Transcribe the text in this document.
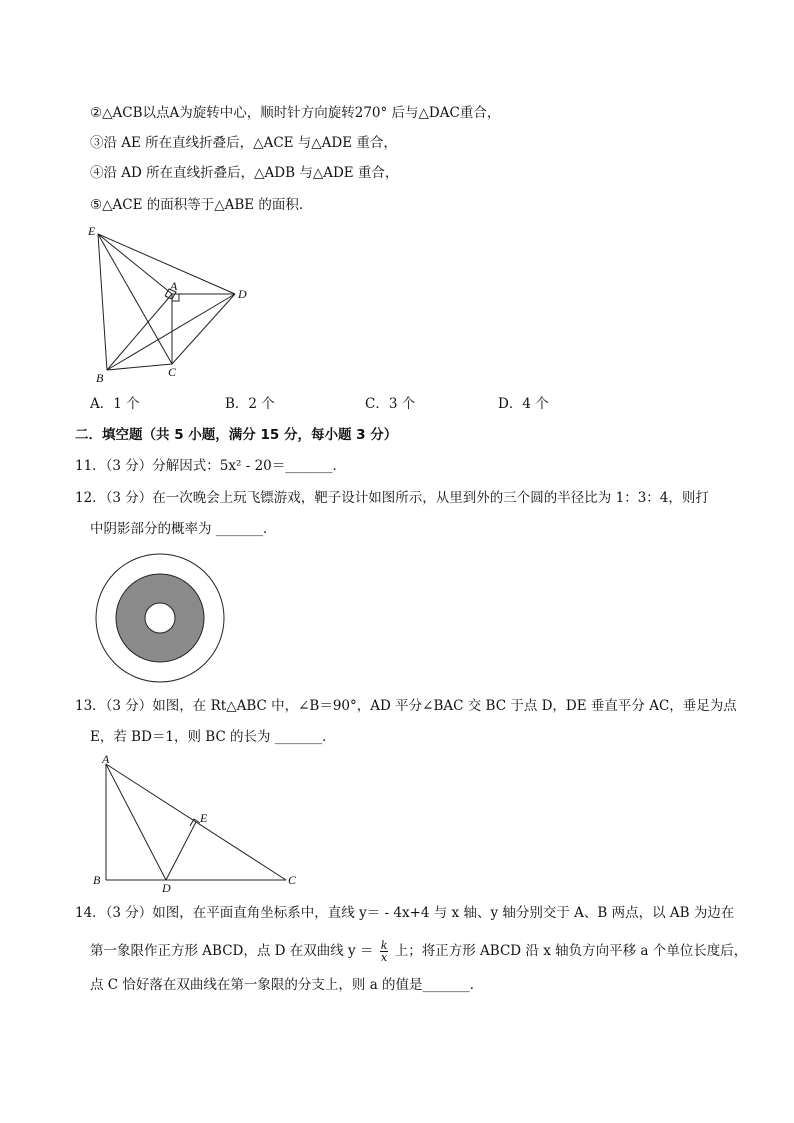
②△ACB以点A为旋转中心，顺时针方向旋转270° 后与△DAC重合，
③沿 AE 所在直线折叠后，△ACE 与△ADE 重合，
④沿 AD 所在直线折叠后，△ADB 与△ADE 重合，
⑤△ACE 的面积等于△ABE 的面积．
E
A
D
B	C
A．1 个	B．2 个	C．3 个	D．4 个
二．填空题（共 5 小题，满分 15 分，每小题 3 分）
11．（3 分）分解因式：5x² - 20＝_______．
12．（3 分）在一次晚会上玩飞镖游戏，靶子设计如图所示，从里到外的三个圆的半径比为 1：3：4，则打
中阴影部分的概率为 _______．
13．（3 分）如图，在 Rt△ABC 中，∠B＝90°，AD 平分∠BAC 交 BC 于点 D，DE 垂直平分 AC，垂足为点
E，若 BD＝1，则 BC 的长为 _______．
A
E
B
D
C
14．（3 分）如图，在平面直角坐标系中，直线 y＝ - 4x+4 与 x 轴、y 轴分别交于 A、B 两点，以 AB 为边在
第一象限作正方形 ABCD，点 D 在双曲线 $y = \frac{k}{x}$ 上；将正方形 ABCD 沿 x 轴负方向平移 a 个单位长度后，
点 C 恰好落在双曲线在第一象限的分支上，则 a 的值是_______．
